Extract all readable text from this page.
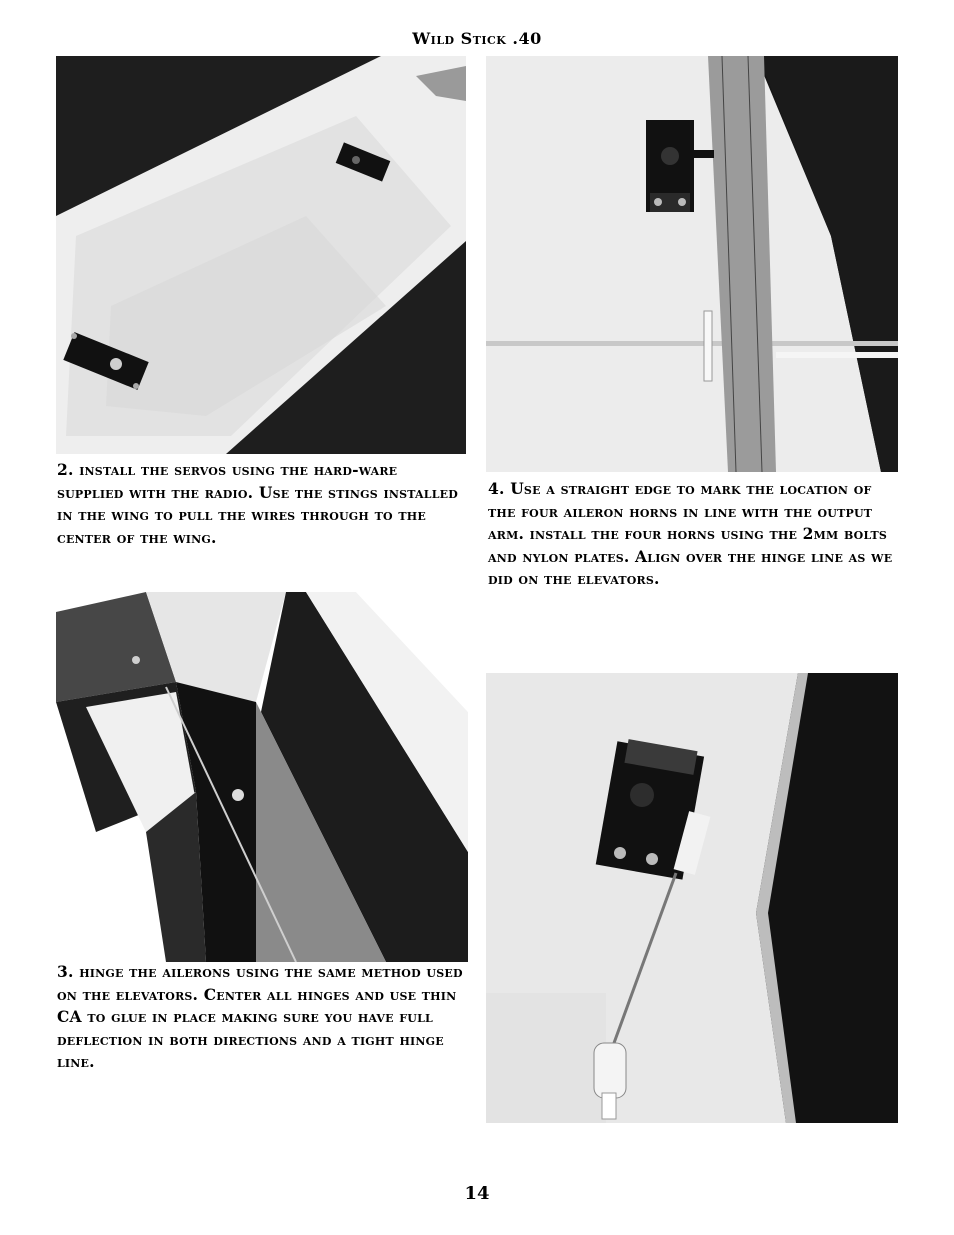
Wild Stick .40
2. install the servos using the hard-ware supplied with the radio. Use the stings installed in the wing to pull the wires through to the center of the wing.
4. Use a straight edge to mark the location of the four aileron horns in line with the output arm. install the four horns using the 2mm bolts and nylon plates. Align over the hinge line as we did on the elevators.
3. hinge the ailerons using the same method used on the elevators. Center all hinges and use thin CA to glue in place making sure you have full deflection in both directions and a tight hinge line.
14
